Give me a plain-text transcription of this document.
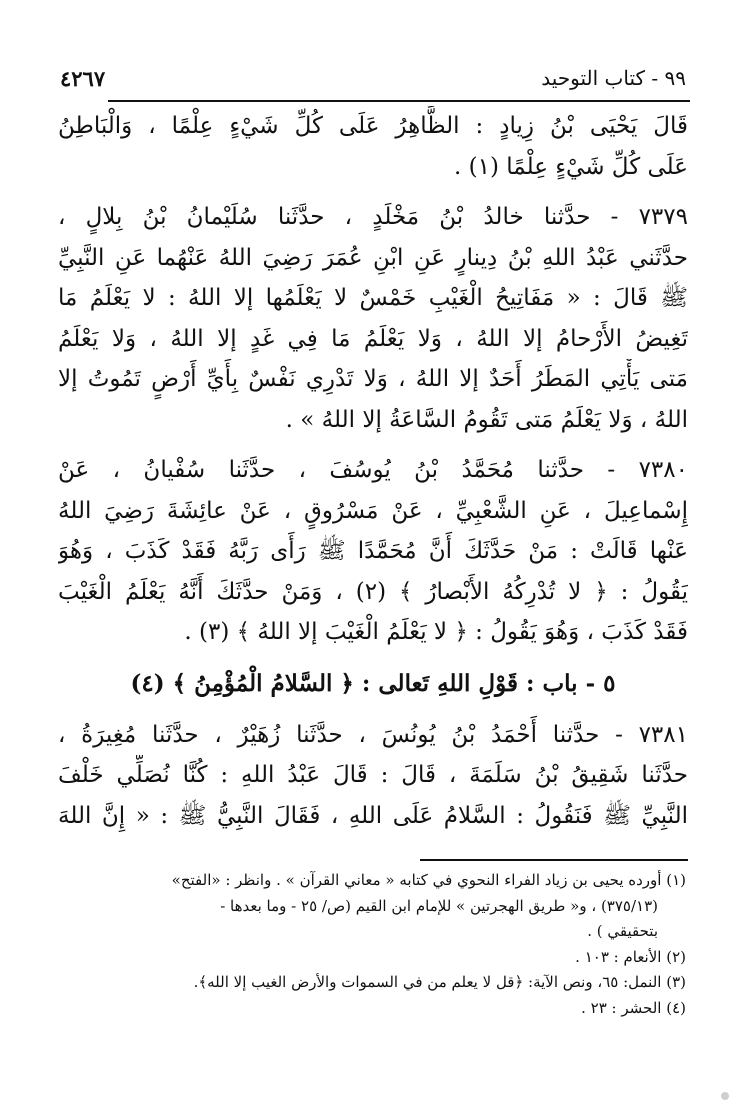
٤٢٦٧	٩٩ - كتاب التوحيد
قَالَ يَحْيَى بْنُ زِيادٍ : الظَّاهِرُ عَلَى كُلِّ شَيْءٍ عِلْمًا ، وَالْبَاطِنُ
عَلَى كُلِّ شَيْءٍ عِلْمًا (١) .
٧٣٧٩ - حدَّثنا خالدُ بْنُ مَخْلَدٍ ، حدَّثَنا سُلَيْمانُ بْنُ بِلالٍ ،
حدَّثَني عَبْدُ اللهِ بْنُ دِينارٍ عَنِ ابْنِ عُمَرَ رَضِيَ اللهُ عَنْهُما عَنِ النَّبِيِّ
ﷺ قَالَ : « مَفَاتِيحُ الْغَيْبِ خَمْسٌ لا يَعْلَمُها إلا اللهُ : لا يَعْلَمُ مَا
تَغِيضُ الأَرْحامُ إلا اللهُ ، وَلا يَعْلَمُ مَا فِي غَدٍ إلا اللهُ ، وَلا يَعْلَمُ
مَتى يَأْتِي المَطَرُ أَحَدٌ إلا اللهُ ، وَلا تَدْرِي نَفْسٌ بِأَيِّ أَرْضٍ تَمُوتُ إلا
اللهُ ، وَلا يَعْلَمُ مَتى تَقُومُ السَّاعَةُ إلا اللهُ » .
٧٣٨٠ - حدَّثنا مُحَمَّدُ بْنُ يُوسُفَ ، حدَّثَنا سُفْيانُ ، عَنْ
إِسْماعِيلَ ، عَنِ الشَّعْبِيِّ ، عَنْ مَسْرُوقٍ ، عَنْ عائِشَةَ رَضِيَ اللهُ
عَنْها قَالَتْ : مَنْ حَدَّثَكَ أَنَّ مُحَمَّدًا ﷺ رَأَى رَبَّهُ فَقَدْ كَذَبَ ، وَهُوَ
يَقُولُ : ﴿ لا تُدْرِكُهُ الأَبْصارُ ﴾ (٢) ، وَمَنْ حدَّثَكَ أَنَّهُ يَعْلَمُ الْغَيْبَ
فَقَدْ كَذَبَ ، وَهُوَ يَقُولُ : ﴿ لا يَعْلَمُ الْغَيْبَ إلا اللهُ ﴾ (٣) .
٥ - باب : قَوْلِ اللهِ تَعالى : ﴿ السَّلامُ الْمُؤْمِنُ ﴾ (٤)
٧٣٨١ - حدَّثنا أَحْمَدُ بْنُ يُونُسَ ، حدَّثَنا زُهَيْرٌ ، حدَّثَنا مُغِيرَةُ ،
حدَّثَنا شَقِيقُ بْنُ سَلَمَةَ ، قَالَ : قَالَ عَبْدُ اللهِ : كُنَّا نُصَلِّي خَلْفَ
النَّبِيِّ ﷺ فَنَقُولُ : السَّلامُ عَلَى اللهِ ، فَقَالَ النَّبِيُّ ﷺ : « إِنَّ اللهَ
(١) أورده يحيى بن زياد الفراء النحوي في كتابه « معاني القرآن » . وانظر : «الفتح»
(٣٧٥/١٣) ، و« طريق الهجرتين » للإمام ابن القيم (ص/ ٢٥ - وما بعدها -
بتحقيقي ) .
(٢) الأنعام : ١٠٣ .
(٣) النمل: ٦٥، ونص الآية: ﴿قل لا يعلم من في السموات والأرض الغيب إلا الله﴾.
(٤) الحشر : ٢٣ .
